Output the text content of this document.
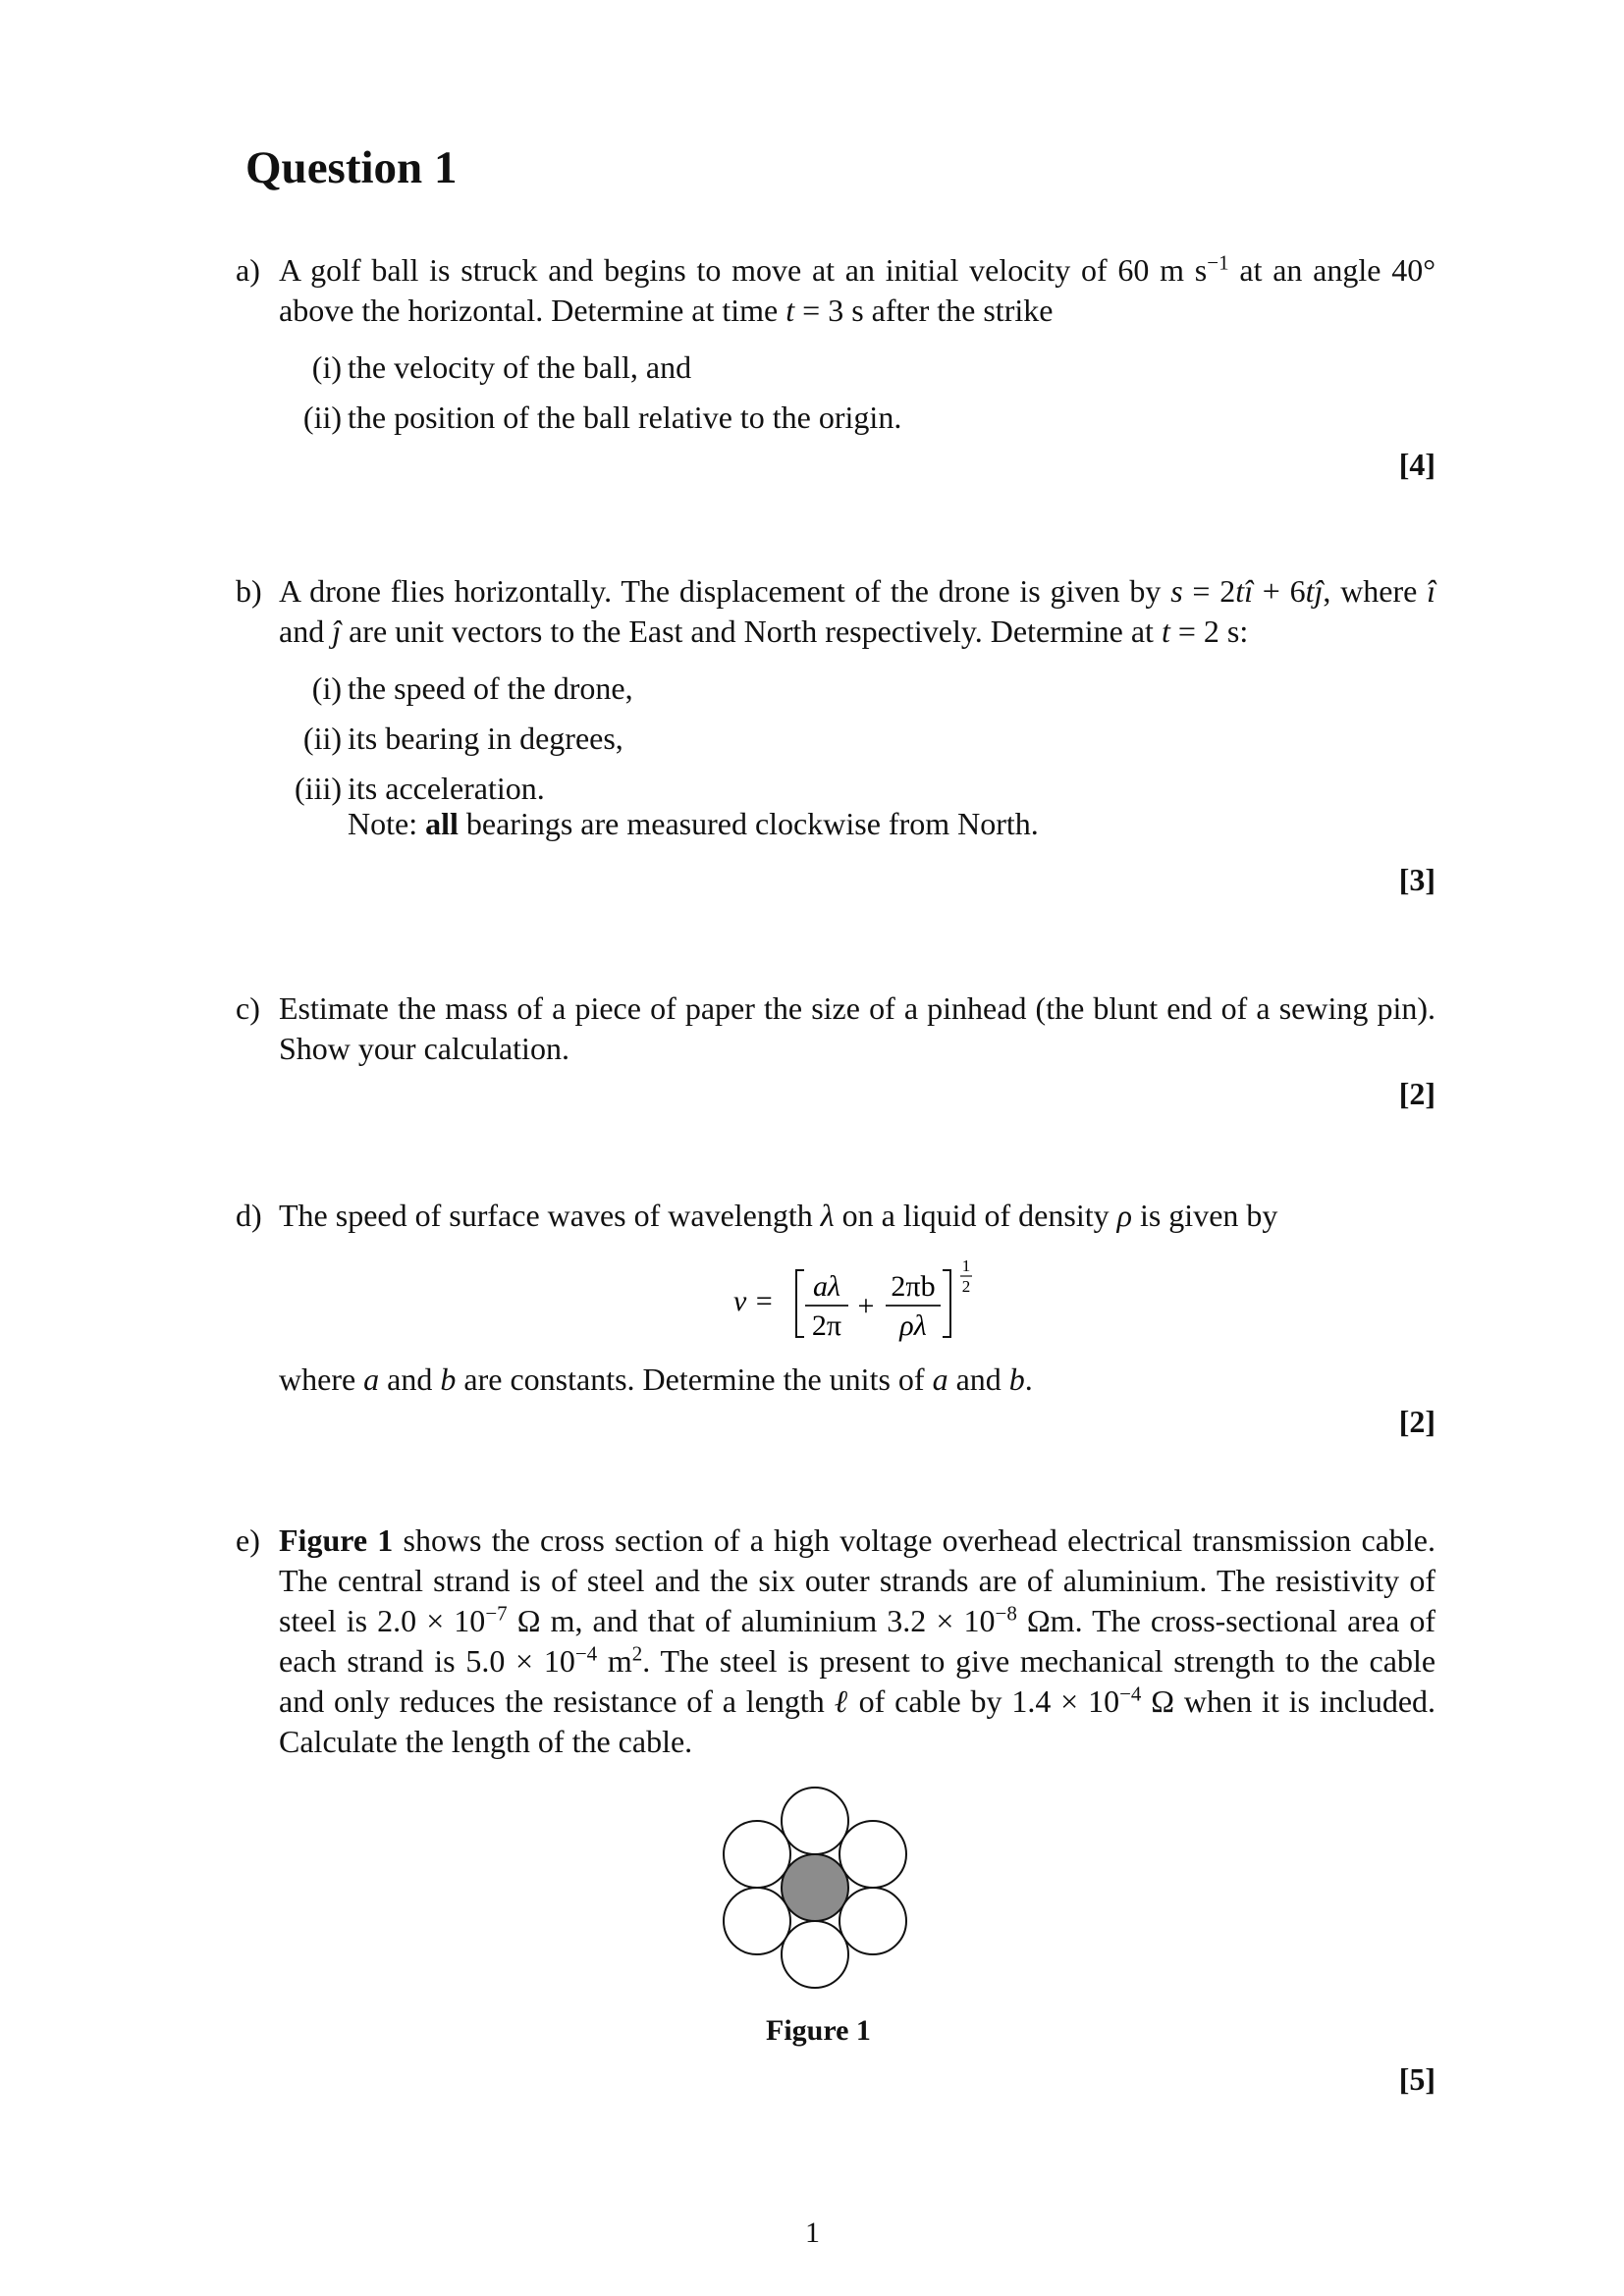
Question 1
a) A golf ball is struck and begins to move at an initial velocity of 60 m $s^{-1}$ at an angle 40° above the horizontal. Determine at time t = 3 s after the strike
(i) the velocity of the ball, and
(ii) the position of the ball relative to the origin.
[4]
b) A drone flies horizontally. The displacement of the drone is given by s = 2tî + 6tĵ, where î and ĵ are unit vectors to the East and North respectively. Determine at t = 2 s:
(i) the speed of the drone,
(ii) its bearing in degrees,
(iii) its acceleration.
Note: all bearings are measured clockwise from North.
[3]
c) Estimate the mass of a piece of paper the size of a pinhead (the blunt end of a sewing pin). Show your calculation.
[2]
d) The speed of surface waves of wavelength λ on a liquid of density ρ is given by
v = aλ
2π
+
2πb
ρλ
1
2
where a and b are constants. Determine the units of a and b.
[2]
e) Figure 1 shows the cross section of a high voltage overhead electrical transmission cable. The central strand is of steel and the six outer strands are of aluminium. The resistivity of steel is $2.0 \times 10^{-7}$ Ω m, and that of aluminium $3.2 \times 10^{-8}$ Ωm. The cross-sectional area of each strand is $5.0 \times 10^{-4}$ $m^2$. The steel is present to give mechanical strength to the cable and only reduces the resistance of a length ℓ of cable by $1.4 \times 10^{-4}$ Ω when it is included. Calculate the length of the cable.
Figure 1
[5]
1
